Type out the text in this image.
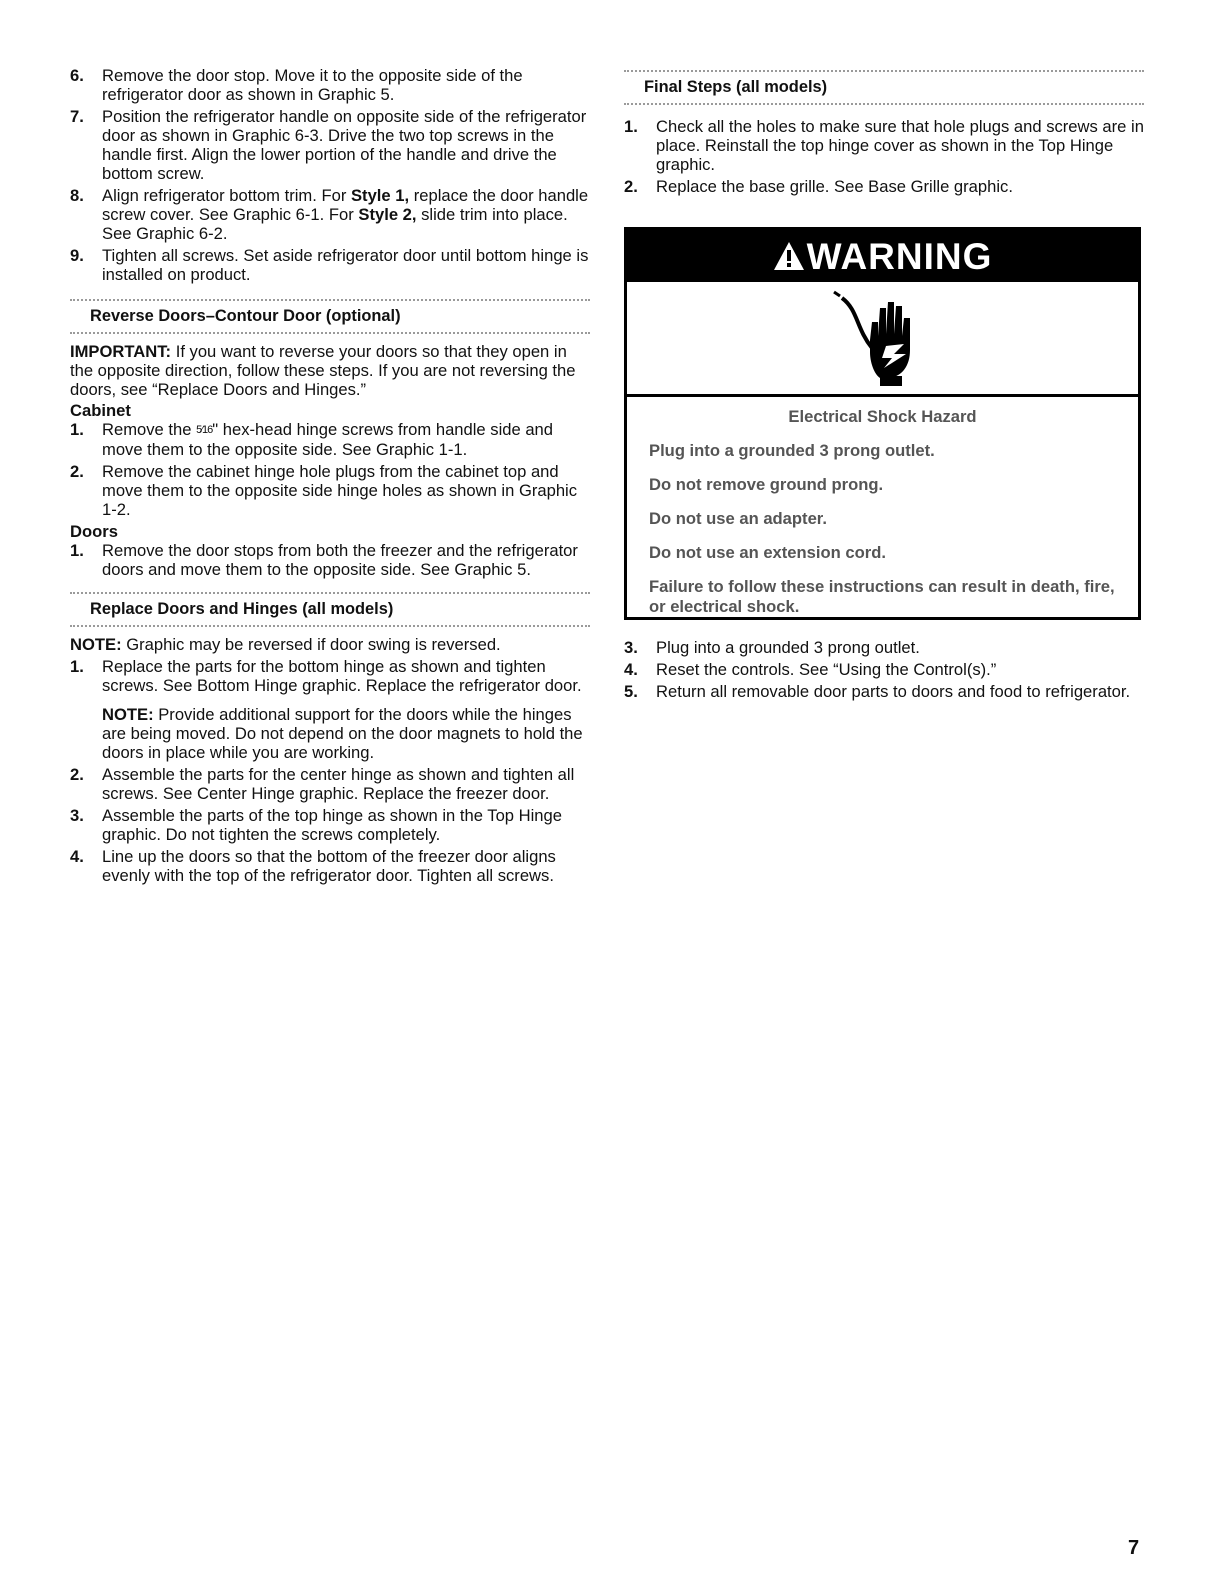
6. Remove the door stop. Move it to the opposite side of the refrigerator door as shown in Graphic 5.
7. Position the refrigerator handle on opposite side of the refrigerator door as shown in Graphic 6-3. Drive the two top screws in the handle first. Align the lower portion of the handle and drive the bottom screw.
8. Align refrigerator bottom trim. For Style 1, replace the door handle screw cover. See Graphic 6-1. For Style 2, slide trim into place. See Graphic 6-2.
9. Tighten all screws. Set aside refrigerator door until bottom hinge is installed on product.
Reverse Doors–Contour Door (optional)

IMPORTANT: If you want to reverse your doors so that they open in the opposite direction, follow these steps. If you are not reversing the doors, see “Replace Doors and Hinges.”

Cabinet

1. Remove the 5⁄16" hex-head hinge screws from handle side and move them to the opposite side. See Graphic 1-1.
2. Remove the cabinet hinge hole plugs from the cabinet top and move them to the opposite side hinge holes as shown in Graphic 1-2.

Doors

1. Remove the door stops from both the freezer and the refrigerator doors and move them to the opposite side. See Graphic 5.
Replace Doors and Hinges (all models)

NOTE: Graphic may be reversed if door swing is reversed.

1. Replace the parts for the bottom hinge as shown and tighten screws. See Bottom Hinge graphic. Replace the refrigerator door.

NOTE: Provide additional support for the doors while the hinges are being moved. Do not depend on the door magnets to hold the doors in place while you are working.

2. Assemble the parts for the center hinge as shown and tighten all screws. See Center Hinge graphic. Replace the freezer door.
3. Assemble the parts of the top hinge as shown in the Top Hinge graphic. Do not tighten the screws completely.
4. Line up the doors so that the bottom of the freezer door aligns evenly with the top of the refrigerator door. Tighten all screws.
Final Steps (all models)
1. Check all the holes to make sure that hole plugs and screws are in place. Reinstall the top hinge cover as shown in the Top Hinge graphic.
2. Replace the base grille. See Base Grille graphic.
WARNING

Electrical Shock Hazard

Plug into a grounded 3 prong outlet.

Do not remove ground prong.

Do not use an adapter.

Do not use an extension cord.

Failure to follow these instructions can result in death, fire, or electrical shock.

3. Plug into a grounded 3 prong outlet.
4. Reset the controls. See “Using the Control(s).”
5. Return all removable door parts to doors and food to refrigerator.
7
